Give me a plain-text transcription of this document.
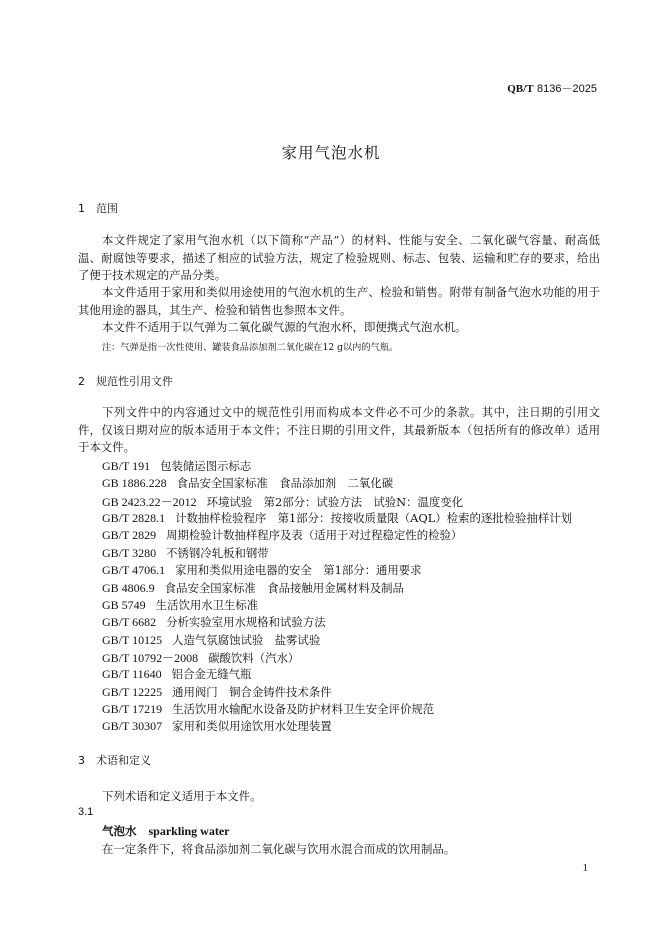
QB/T 8136－2025
家用气泡水机
1 范围
本文件规定了家用气泡水机（以下简称“产品”）的材料、性能与安全、二氧化碳气容量、耐高低温、耐腐蚀等要求，描述了相应的试验方法，规定了检验规则、标志、包装、运输和贮存的要求，给出了便于技术规定的产品分类。
本文件适用于家用和类似用途使用的气泡水机的生产、检验和销售。附带有制备气泡水功能的用于其他用途的器具，其生产、检验和销售也参照本文件。
本文件不适用于以气弹为二氧化碳气源的气泡水杯，即便携式气泡水机。
注：气弹是指一次性使用、罐装食品添加剂二氧化碳在12 g以内的气瓶。
2 规范性引用文件
下列文件中的内容通过文中的规范性引用而构成本文件必不可少的条款。其中，注日期的引用文件，仅该日期对应的版本适用于本文件；不注日期的引用文件，其最新版本（包括所有的修改单）适用于本文件。
GB/T 191 包装储运图示标志
GB 1886.228 食品安全国家标准　食品添加剂　二氧化碳
GB 2423.22－2012 环境试验　第2部分：试验方法　试验N：温度变化
GB/T 2828.1 计数抽样检验程序　第1部分：按接收质量限（AQL）检索的逐批检验抽样计划
GB/T 2829 周期检验计数抽样程序及表（适用于对过程稳定性的检验）
GB/T 3280 不锈钢冷轧板和钢带
GB/T 4706.1 家用和类似用途电器的安全　第1部分：通用要求
GB 4806.9 食品安全国家标准　食品接触用金属材料及制品
GB 5749 生活饮用水卫生标准
GB/T 6682 分析实验室用水规格和试验方法
GB/T 10125 人造气氛腐蚀试验　盐雾试验
GB/T 10792－2008 碳酸饮料（汽水）
GB/T 11640 铝合金无缝气瓶
GB/T 12225 通用阀门　铜合金铸件技术条件
GB/T 17219 生活饮用水输配水设备及防护材料卫生安全评价规范
GB/T 30307 家用和类似用途饮用水处理装置
3 术语和定义
下列术语和定义适用于本文件。
3.1
气泡水 sparkling water
在一定条件下，将食品添加剂二氧化碳与饮用水混合而成的饮用制品。
1
